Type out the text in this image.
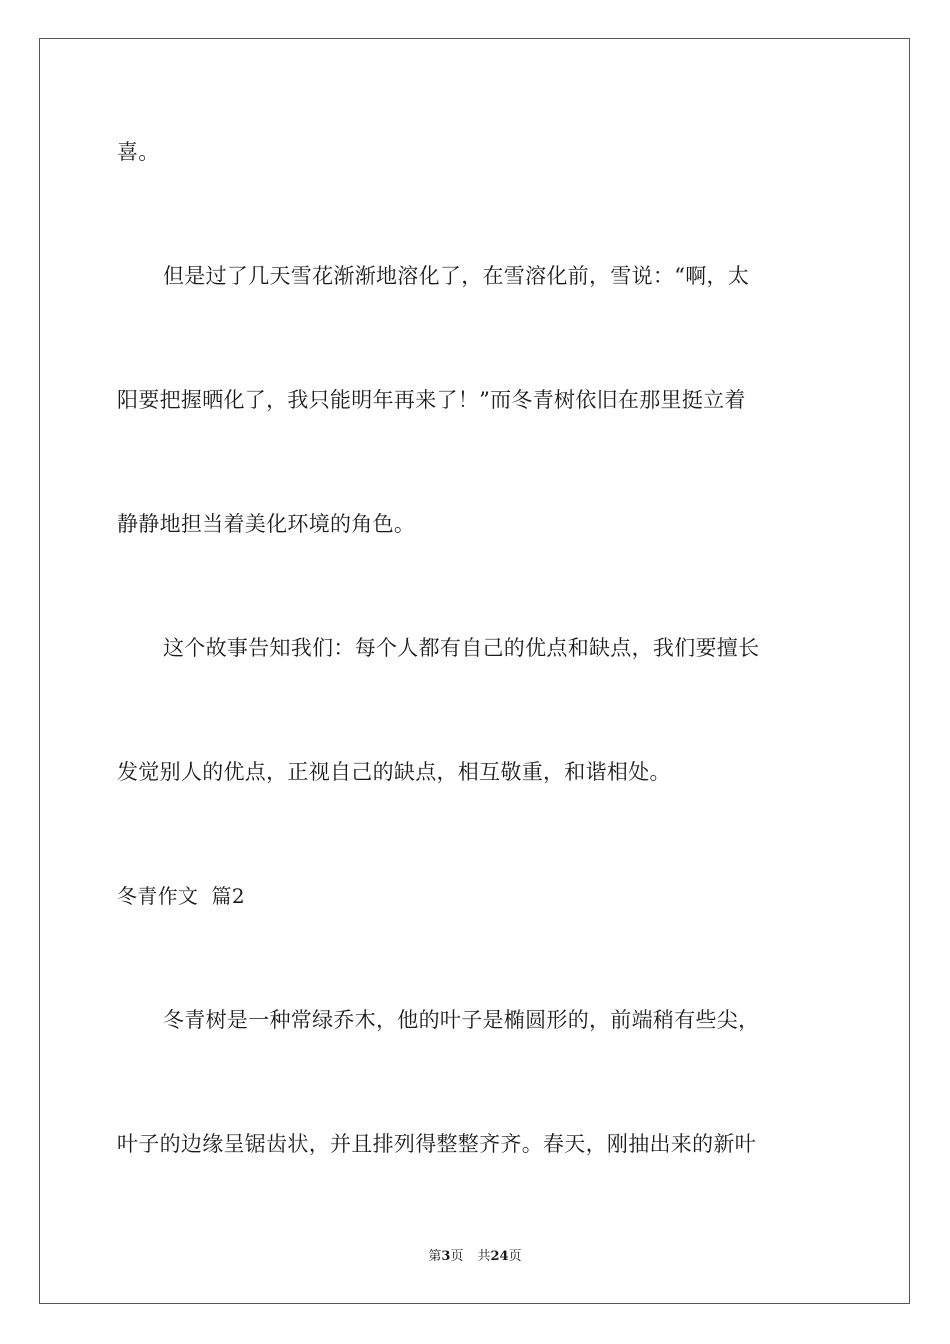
喜。
但是过了几天雪花渐渐地溶化了，在雪溶化前，雪说：“啊，太
阳要把握晒化了，我只能明年再来了！”而冬青树依旧在那里挺立着
静静地担当着美化环境的角色。
这个故事告知我们：每个人都有自己的优点和缺点，我们要擅长
发觉别人的优点，正视自己的缺点，相互敬重，和谐相处。
冬青作文  篇2
冬青树是一种常绿乔木，他的叶子是椭圆形的，前端稍有些尖，
叶子的边缘呈锯齿状，并且排列得整整齐齐。春天，刚抽出来的新叶
第3页 共24页
